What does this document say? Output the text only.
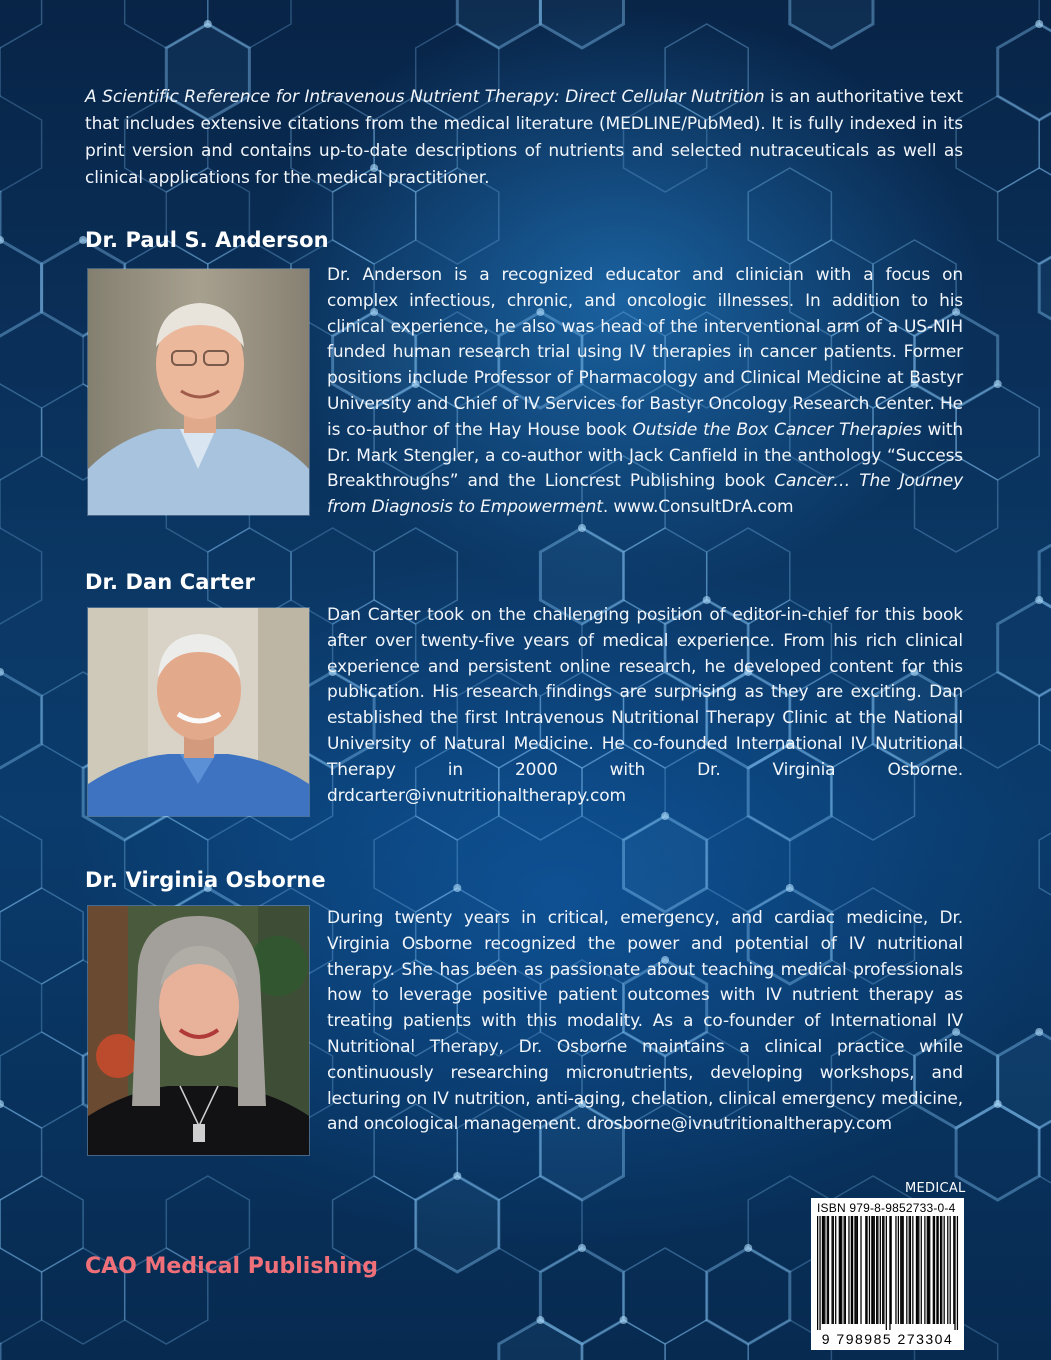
A Scientific Reference for Intravenous Nutrient Therapy: Direct Cellular Nutrition is an authoritative text that includes extensive citations from the medical literature (MEDLINE/PubMed). It is fully indexed in its print version and contains up-to-date descriptions of nutrients and selected nutraceuticals as well as clinical applications for the medical practitioner.
Dr. Paul S. Anderson
Dr. Anderson is a recognized educator and clinician with a focus on complex infectious, chronic, and oncologic illnesses. In addition to his clinical experience, he also was head of the interventional arm of a US-NIH funded human research trial using IV therapies in cancer patients. Former positions include Professor of Pharmacology and Clinical Medicine at Bastyr University and Chief of IV Services for Bastyr Oncology Research Center. He is co-author of the Hay House book Outside the Box Cancer Therapies with Dr. Mark Stengler, a co-author with Jack Canfield in the anthology “Success Breakthroughs” and the Lioncrest Publishing book Cancer… The Journey from Diagnosis to Empowerment. www.ConsultDrA.com
Dr. Dan Carter
Dan Carter took on the challenging position of editor-in-chief for this book after over twenty-five years of medical experience. From his rich clinical experience and persistent online research, he developed content for this publication. His research findings are surprising as they are exciting. Dan established the first Intravenous Nutritional Therapy Clinic at the National University of Natural Medicine. He co-founded International IV Nutritional Therapy in 2000 with Dr. Virginia Osborne. drdcarter@ivnutritionaltherapy.com
Dr. Virginia Osborne
During twenty years in critical, emergency, and cardiac medicine, Dr. Virginia Osborne recognized the power and potential of IV nutritional therapy. She has been as passionate about teaching medical professionals how to leverage positive patient outcomes with IV nutrient therapy as treating patients with this modality. As a co-founder of International IV Nutritional Therapy, Dr. Osborne maintains a clinical practice while continuously researching micronutrients, developing workshops, and lecturing on IV nutrition, anti-aging, chelation, clinical emergency medicine, and oncological management. drosborne@ivnutritionaltherapy.com
CAO Medical Publishing
MEDICAL
ISBN 979-8-9852733-0-4
9 798985 273304
